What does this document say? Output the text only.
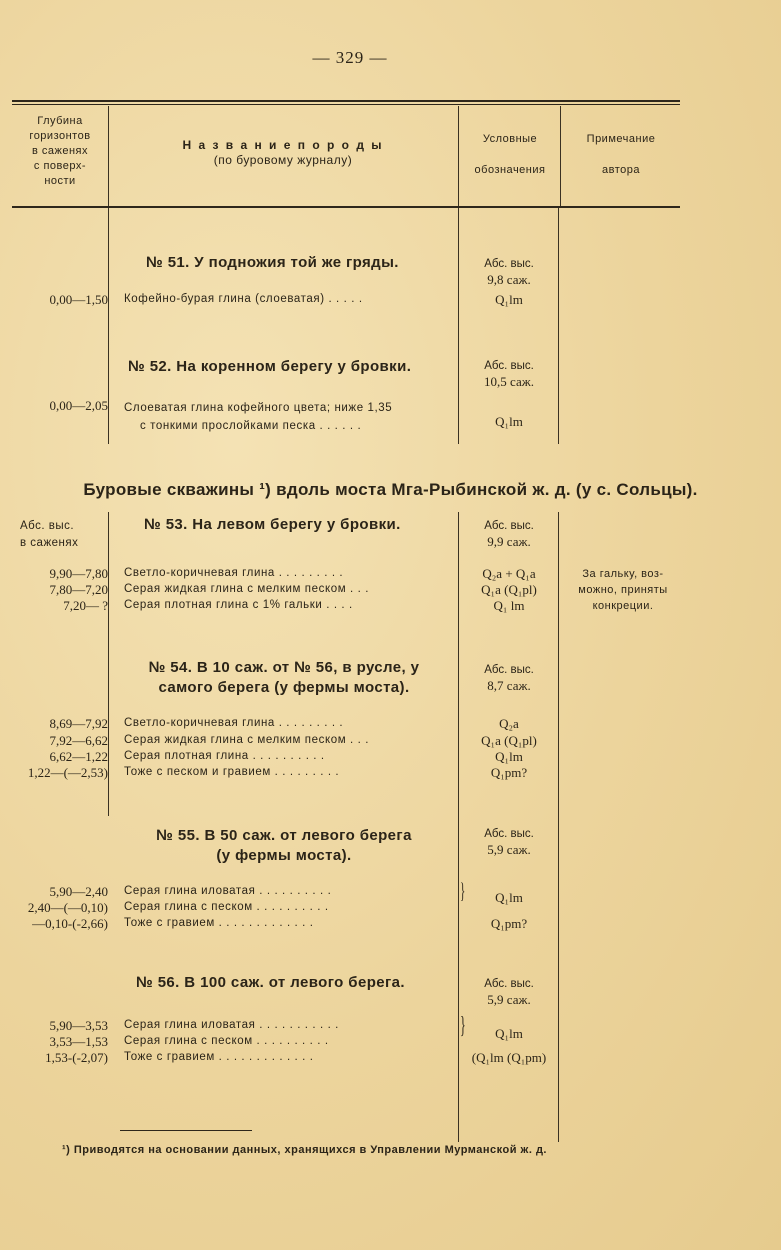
— 329 —
Глубина
горизонтов
в саженях
с поверх-
ности
Н а з в а н и е п о р о д ы
(по буровому журналу)
Условные
обозначения
Примечание
автора
№ 51. У подножия той же гряды.	Абс. выс.
9,8 саж.
0,00—1,50 Кофейно-бурая глина (слоеватая) . . . . .	Q₁lm
№ 52. На коренном берегу у бровки.	Абс. выс.
10,5 саж.
0,00—2,05 Слоеватая глина кофейного цвета; ниже 1,35
с тонкими прослойками песка . . . . . .	Q₁lm
Буровые скважины ¹) вдоль моста Мга-Рыбинской ж. д. (у с. Сольцы).
Абс. выс.
в саженях
№ 53. На левом берегу у бровки.	Абс. выс.
9,9 саж.
9,90—7,80 Светло-коричневая глина . . . . . . . . .	Q₂a + Q₁a
7,80—7,20 Серая жидкая глина с мелким песком . . .	Q₁a (Q₁pl)
7,20— ? Серая плотная глина с 1% гальки . . . .	Q₁ lm
За гальку, воз-
можно, приняты
конкреции.
№ 54. В 10 саж. от № 56, в русле, у
самого берега (у фермы моста).
Абс. выс.
8,7 саж.
8,69—7,92 Светло-коричневая глина . . . . . . . . .	Q₂a
7,92—6,62 Серая жидкая глина с мелким песком . . .	Q₁a (Q₁pl)
6,62—1,22 Серая плотная глина . . . . . . . . . .	Q₁lm
1,22—(—2,53) Тоже с песком и гравием . . . . . . . . .	Q₁pm?
№ 55. В 50 саж. от левого берега
(у фермы моста).
Абс. выс.
5,9 саж.
5,90—2,40 Серая глина иловатая . . . . . . . . . .
2,40—(—0,10) Серая глина с песком . . . . . . . . . .
—0,10-(-2,66) Тоже с гравием . . . . . . . . . . . . .
}	Q₁lm
Q₁pm?
№ 56. В 100 саж. от левого берега.	Абс. выс.
5,9 саж.
5,90—3,53 Серая глина иловатая . . . . . . . . . . .
3,53—1,53 Серая глина с песком . . . . . . . . . .
1,53-(-2,07) Тоже с гравием . . . . . . . . . . . . .
}	Q₁lm
(Q₁lm (Q₁pm)
¹) Приводятся на основании данных, хранящихся в Управлении Мурманской ж. д.
